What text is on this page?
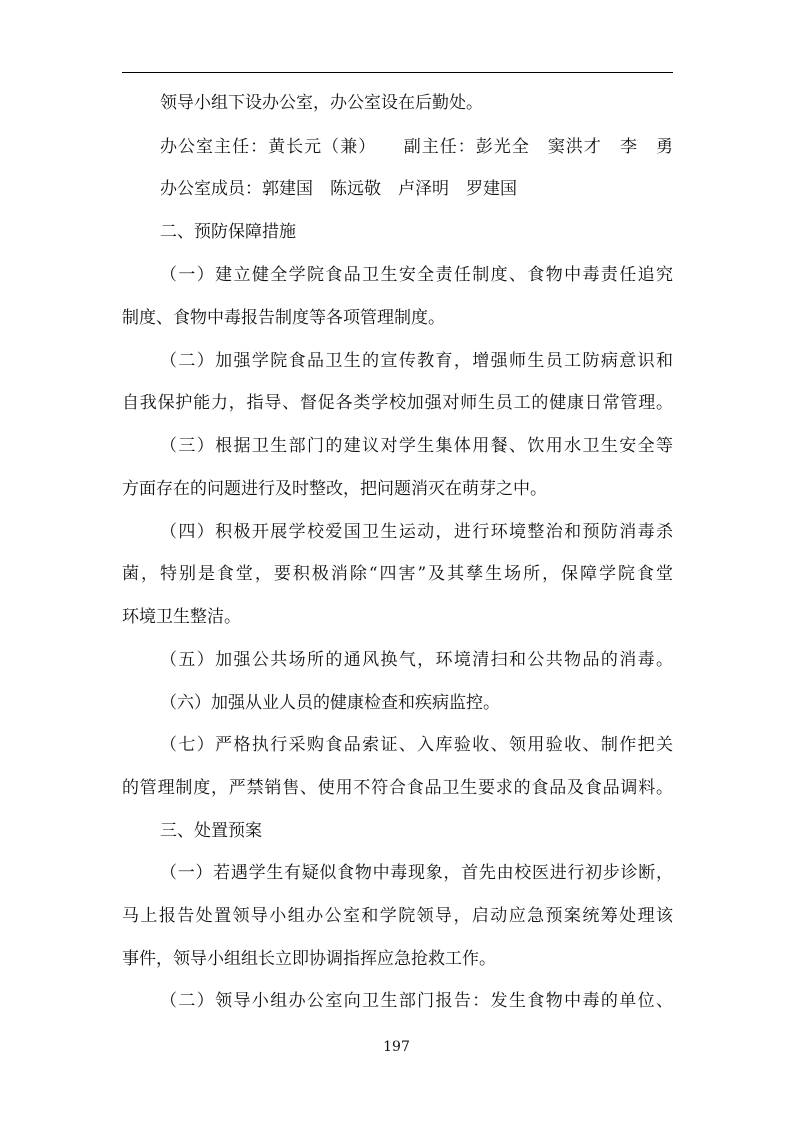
领导小组下设办公室，办公室设在后勤处。
办公室主任：黄长元（兼）　　副主任：彭光全　窦洪才　李　勇
办公室成员：郭建国　陈远敬　卢泽明　罗建国
二、预防保障措施
（一）建立健全学院食品卫生安全责任制度、食物中毒责任追究
制度、食物中毒报告制度等各项管理制度。
（二）加强学院食品卫生的宣传教育，增强师生员工防病意识和
自我保护能力，指导、督促各类学校加强对师生员工的健康日常管理。
（三）根据卫生部门的建议对学生集体用餐、饮用水卫生安全等
方面存在的问题进行及时整改，把问题消灭在萌芽之中。
（四）积极开展学校爱国卫生运动，进行环境整治和预防消毒杀
菌，特别是食堂，要积极消除“四害”及其孳生场所，保障学院食堂
环境卫生整洁。
（五）加强公共场所的通风换气，环境清扫和公共物品的消毒。
（六）加强从业人员的健康检查和疾病监控。
（七）严格执行采购食品索证、入库验收、领用验收、制作把关
的管理制度，严禁销售、使用不符合食品卫生要求的食品及食品调料。
三、处置预案
（一）若遇学生有疑似食物中毒现象，首先由校医进行初步诊断，
马上报告处置领导小组办公室和学院领导，启动应急预案统筹处理该
事件，领导小组组长立即协调指挥应急抢救工作。
（二）领导小组办公室向卫生部门报告：发生食物中毒的单位、
197
